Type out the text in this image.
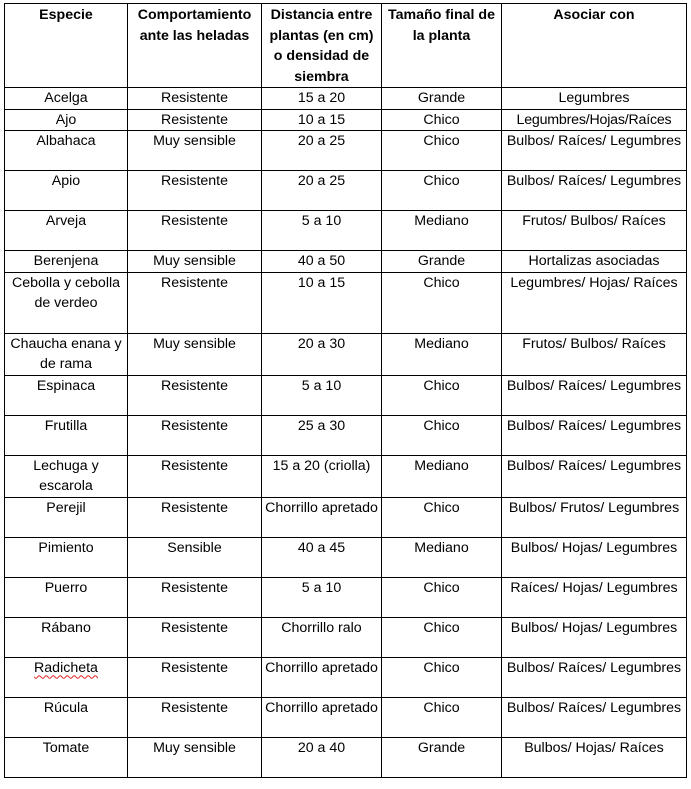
Especie	Comportamiento ante las heladas	Distancia entre plantas (en cm) o densidad de siembra	Tamaño final de la planta	Asociar con
Acelga	Resistente	15 a 20	Grande	Legumbres
Ajo	Resistente	10 a 15	Chico	Legumbres/Hojas/Raíces
Albahaca	Muy sensible	20 a 25	Chico	Bulbos/ Raíces/ Legumbres
Apio	Resistente	20 a 25	Chico	Bulbos/ Raíces/ Legumbres
Arveja	Resistente	5 a 10	Mediano	Frutos/ Bulbos/ Raíces
Berenjena	Muy sensible	40 a 50	Grande	Hortalizas asociadas
Cebolla y cebolla de verdeo	Resistente	10 a 15	Chico	Legumbres/ Hojas/ Raíces
Chaucha enana y de rama	Muy sensible	20 a 30	Mediano	Frutos/ Bulbos/ Raíces
Espinaca	Resistente	5 a 10	Chico	Bulbos/ Raíces/ Legumbres
Frutilla	Resistente	25 a 30	Chico	Bulbos/ Raíces/ Legumbres
Lechuga y escarola	Resistente	15 a 20 (criolla)	Mediano	Bulbos/ Raíces/ Legumbres
Perejil	Resistente	Chorrillo apretado	Chico	Bulbos/ Frutos/ Legumbres
Pimiento	Sensible	40 a 45	Mediano	Bulbos/ Hojas/ Legumbres
Puerro	Resistente	5 a 10	Chico	Raíces/ Hojas/ Legumbres
Rábano	Resistente	Chorrillo ralo	Chico	Bulbos/ Hojas/ Legumbres
Radicheta	Resistente	Chorrillo apretado	Chico	Bulbos/ Raíces/ Legumbres
Rúcula	Resistente	Chorrillo apretado	Chico	Bulbos/ Raíces/ Legumbres
Tomate	Muy sensible	20 a 40	Grande	Bulbos/ Hojas/ Raíces
